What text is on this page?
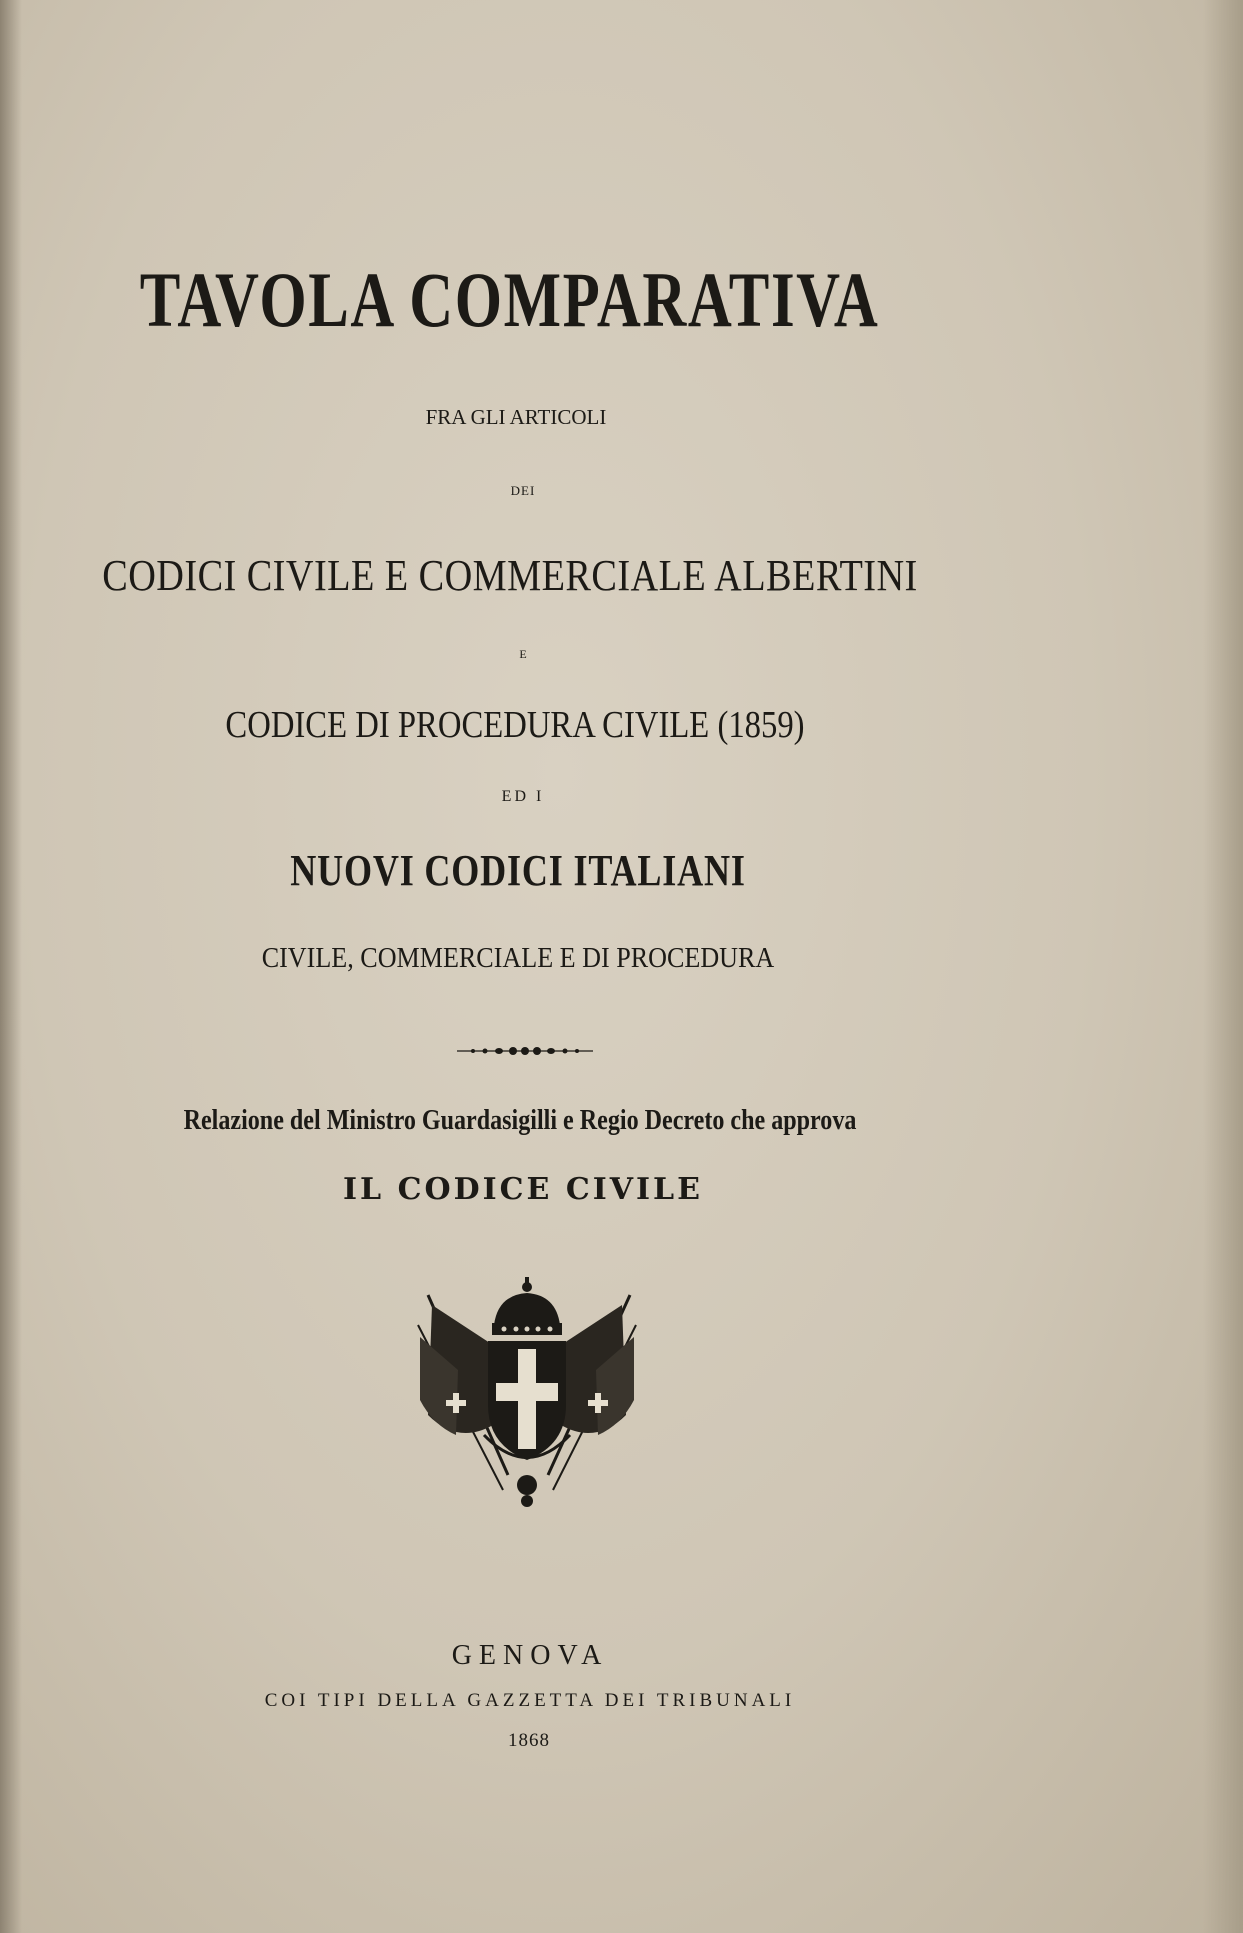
TAVOLA COMPARATIVA
FRA GLI ARTICOLI
DEI
CODICI CIVILE E COMMERCIALE ALBERTINI
E
CODICE DI PROCEDURA CIVILE (1859)
ED I
NUOVI CODICI ITALIANI
CIVILE, COMMERCIALE E DI PROCEDURA
Relazione del Ministro Guardasigilli e Regio Decreto che approva
IL CODICE CIVILE
GENOVA
COI TIPI DELLA GAZZETTA DEI TRIBUNALI
1868
